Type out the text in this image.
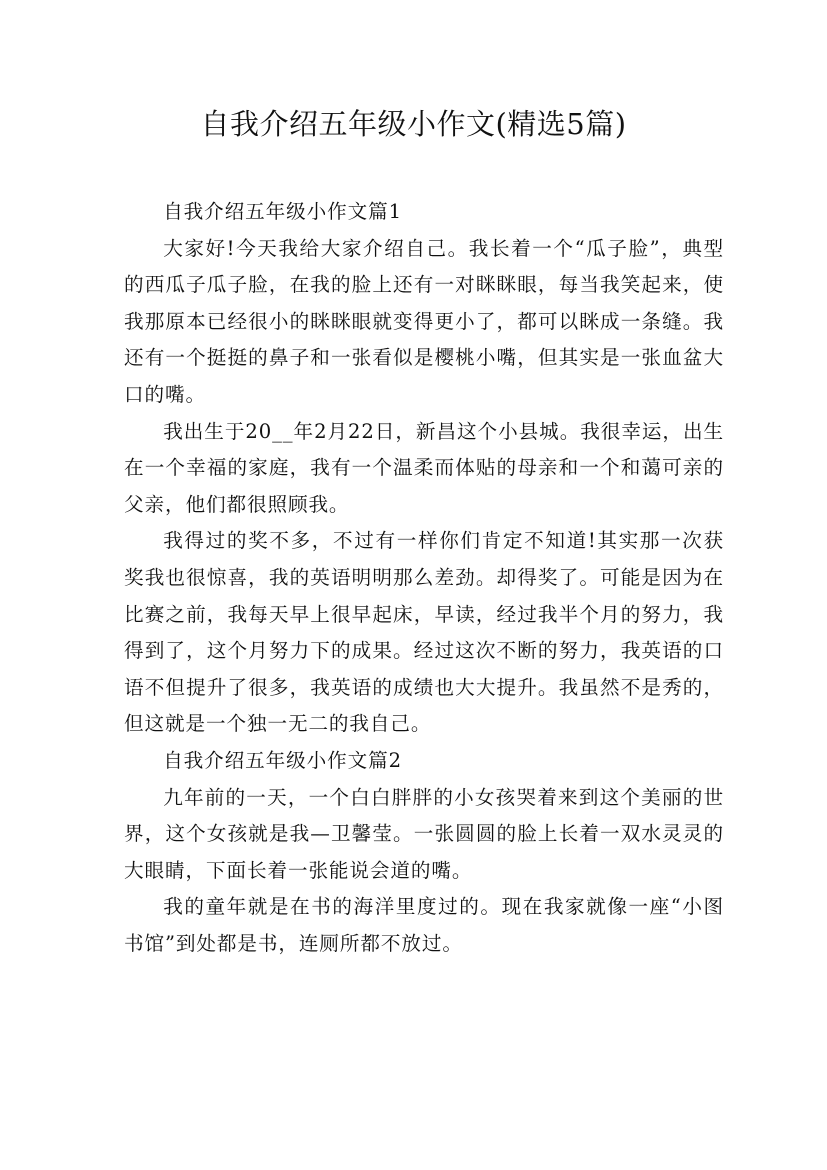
自我介绍五年级小作文(精选5篇)

自我介绍五年级小作文篇1

大家好!今天我给大家介绍自己。我长着一个“瓜子脸”，典型的西瓜子瓜子脸，在我的脸上还有一对眯眯眼，每当我笑起来，使我那原本已经很小的眯眯眼就变得更小了，都可以眯成一条缝。我还有一个挺挺的鼻子和一张看似是樱桃小嘴，但其实是一张血盆大口的嘴。

我出生于20__年2月22日，新昌这个小县城。我很幸运，出生在一个幸福的家庭，我有一个温柔而体贴的母亲和一个和蔼可亲的父亲，他们都很照顾我。

我得过的奖不多，不过有一样你们肯定不知道!其实那一次获奖我也很惊喜，我的英语明明那么差劲。却得奖了。可能是因为在比赛之前，我每天早上很早起床，早读，经过我半个月的努力，我得到了，这个月努力下的成果。经过这次不断的努力，我英语的口语不但提升了很多，我英语的成绩也大大提升。我虽然不是秀的，但这就是一个独一无二的我自己。

自我介绍五年级小作文篇2

九年前的一天，一个白白胖胖的小女孩哭着来到这个美丽的世界，这个女孩就是我—卫馨莹。一张圆圆的脸上长着一双水灵灵的大眼睛，下面长着一张能说会道的嘴。

我的童年就是在书的海洋里度过的。现在我家就像一座“小图书馆”到处都是书，连厕所都不放过。
